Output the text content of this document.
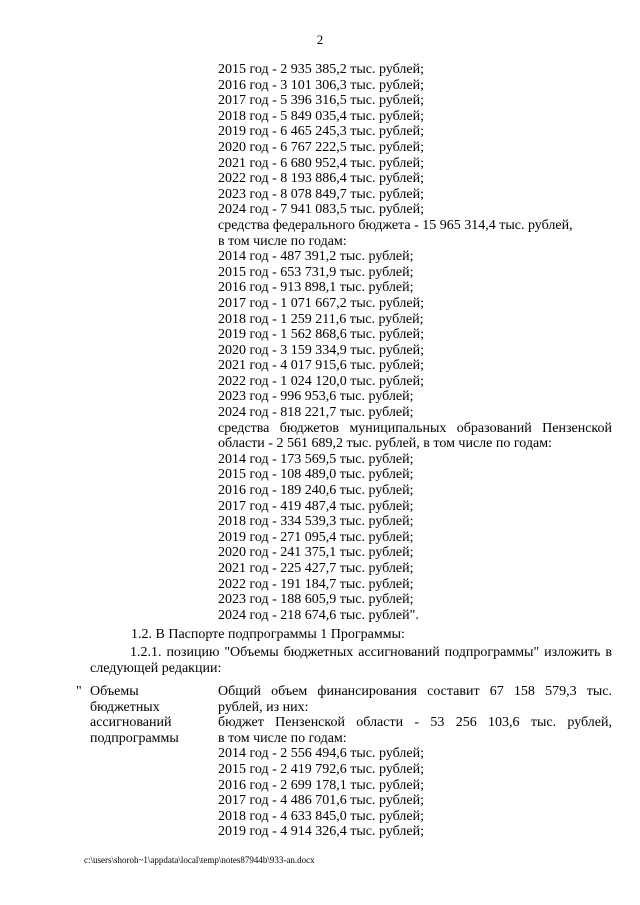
2
2015 год - 2 935 385,2 тыс. рублей;
2016 год - 3 101 306,3 тыс. рублей;
2017 год - 5 396 316,5 тыс. рублей;
2018 год - 5 849 035,4 тыс. рублей;
2019 год - 6 465 245,3 тыс. рублей;
2020 год - 6 767 222,5 тыс. рублей;
2021 год - 6 680 952,4 тыс. рублей;
2022 год - 8 193 886,4 тыс. рублей;
2023 год - 8 078 849,7 тыс. рублей;
2024 год - 7 941 083,5 тыс. рублей;
средства федерального бюджета - 15 965 314,4 тыс. рублей,
в том числе по годам:
2014 год - 487 391,2 тыс. рублей;
2015 год - 653 731,9 тыс. рублей;
2016 год - 913 898,1 тыс. рублей;
2017 год - 1 071 667,2 тыс. рублей;
2018 год - 1 259 211,6 тыс. рублей;
2019 год - 1 562 868,6 тыс. рублей;
2020 год - 3 159 334,9 тыс. рублей;
2021 год - 4 017 915,6 тыс. рублей;
2022 год - 1 024 120,0 тыс. рублей;
2023 год - 996 953,6 тыс. рублей;
2024 год - 818 221,7 тыс. рублей;
средства бюджетов муниципальных образований Пензенской
области - 2 561 689,2 тыс. рублей, в том числе по годам:
2014 год - 173 569,5 тыс. рублей;
2015 год - 108 489,0 тыс. рублей;
2016 год - 189 240,6 тыс. рублей;
2017 год - 419 487,4 тыс. рублей;
2018 год - 334 539,3 тыс. рублей;
2019 год - 271 095,4 тыс. рублей;
2020 год - 241 375,1 тыс. рублей;
2021 год - 225 427,7 тыс. рублей;
2022 год - 191 184,7 тыс. рублей;
2023 год - 188 605,9 тыс. рублей;
2024 год - 218 674,6 тыс. рублей".
1.2. В Паспорте подпрограммы 1 Программы:
1.2.1. позицию "Объемы бюджетных ассигнований подпрограммы" изложить в следующей редакции:
" Объемы
бюджетных
ассигнований
подпрограммы
Общий объем финансирования составит 67 158 579,3 тыс.
рублей, из них:
бюджет Пензенской области - 53 256 103,6 тыс. рублей,
в том числе по годам:
2014 год - 2 556 494,6 тыс. рублей;
2015 год - 2 419 792,6 тыс. рублей;
2016 год - 2 699 178,1 тыс. рублей;
2017 год - 4 486 701,6 тыс. рублей;
2018 год - 4 633 845,0 тыс. рублей;
2019 год - 4 914 326,4 тыс. рублей;
c:\users\shoroh~1\appdata\local\temp\notes87944b\933-an.docx
